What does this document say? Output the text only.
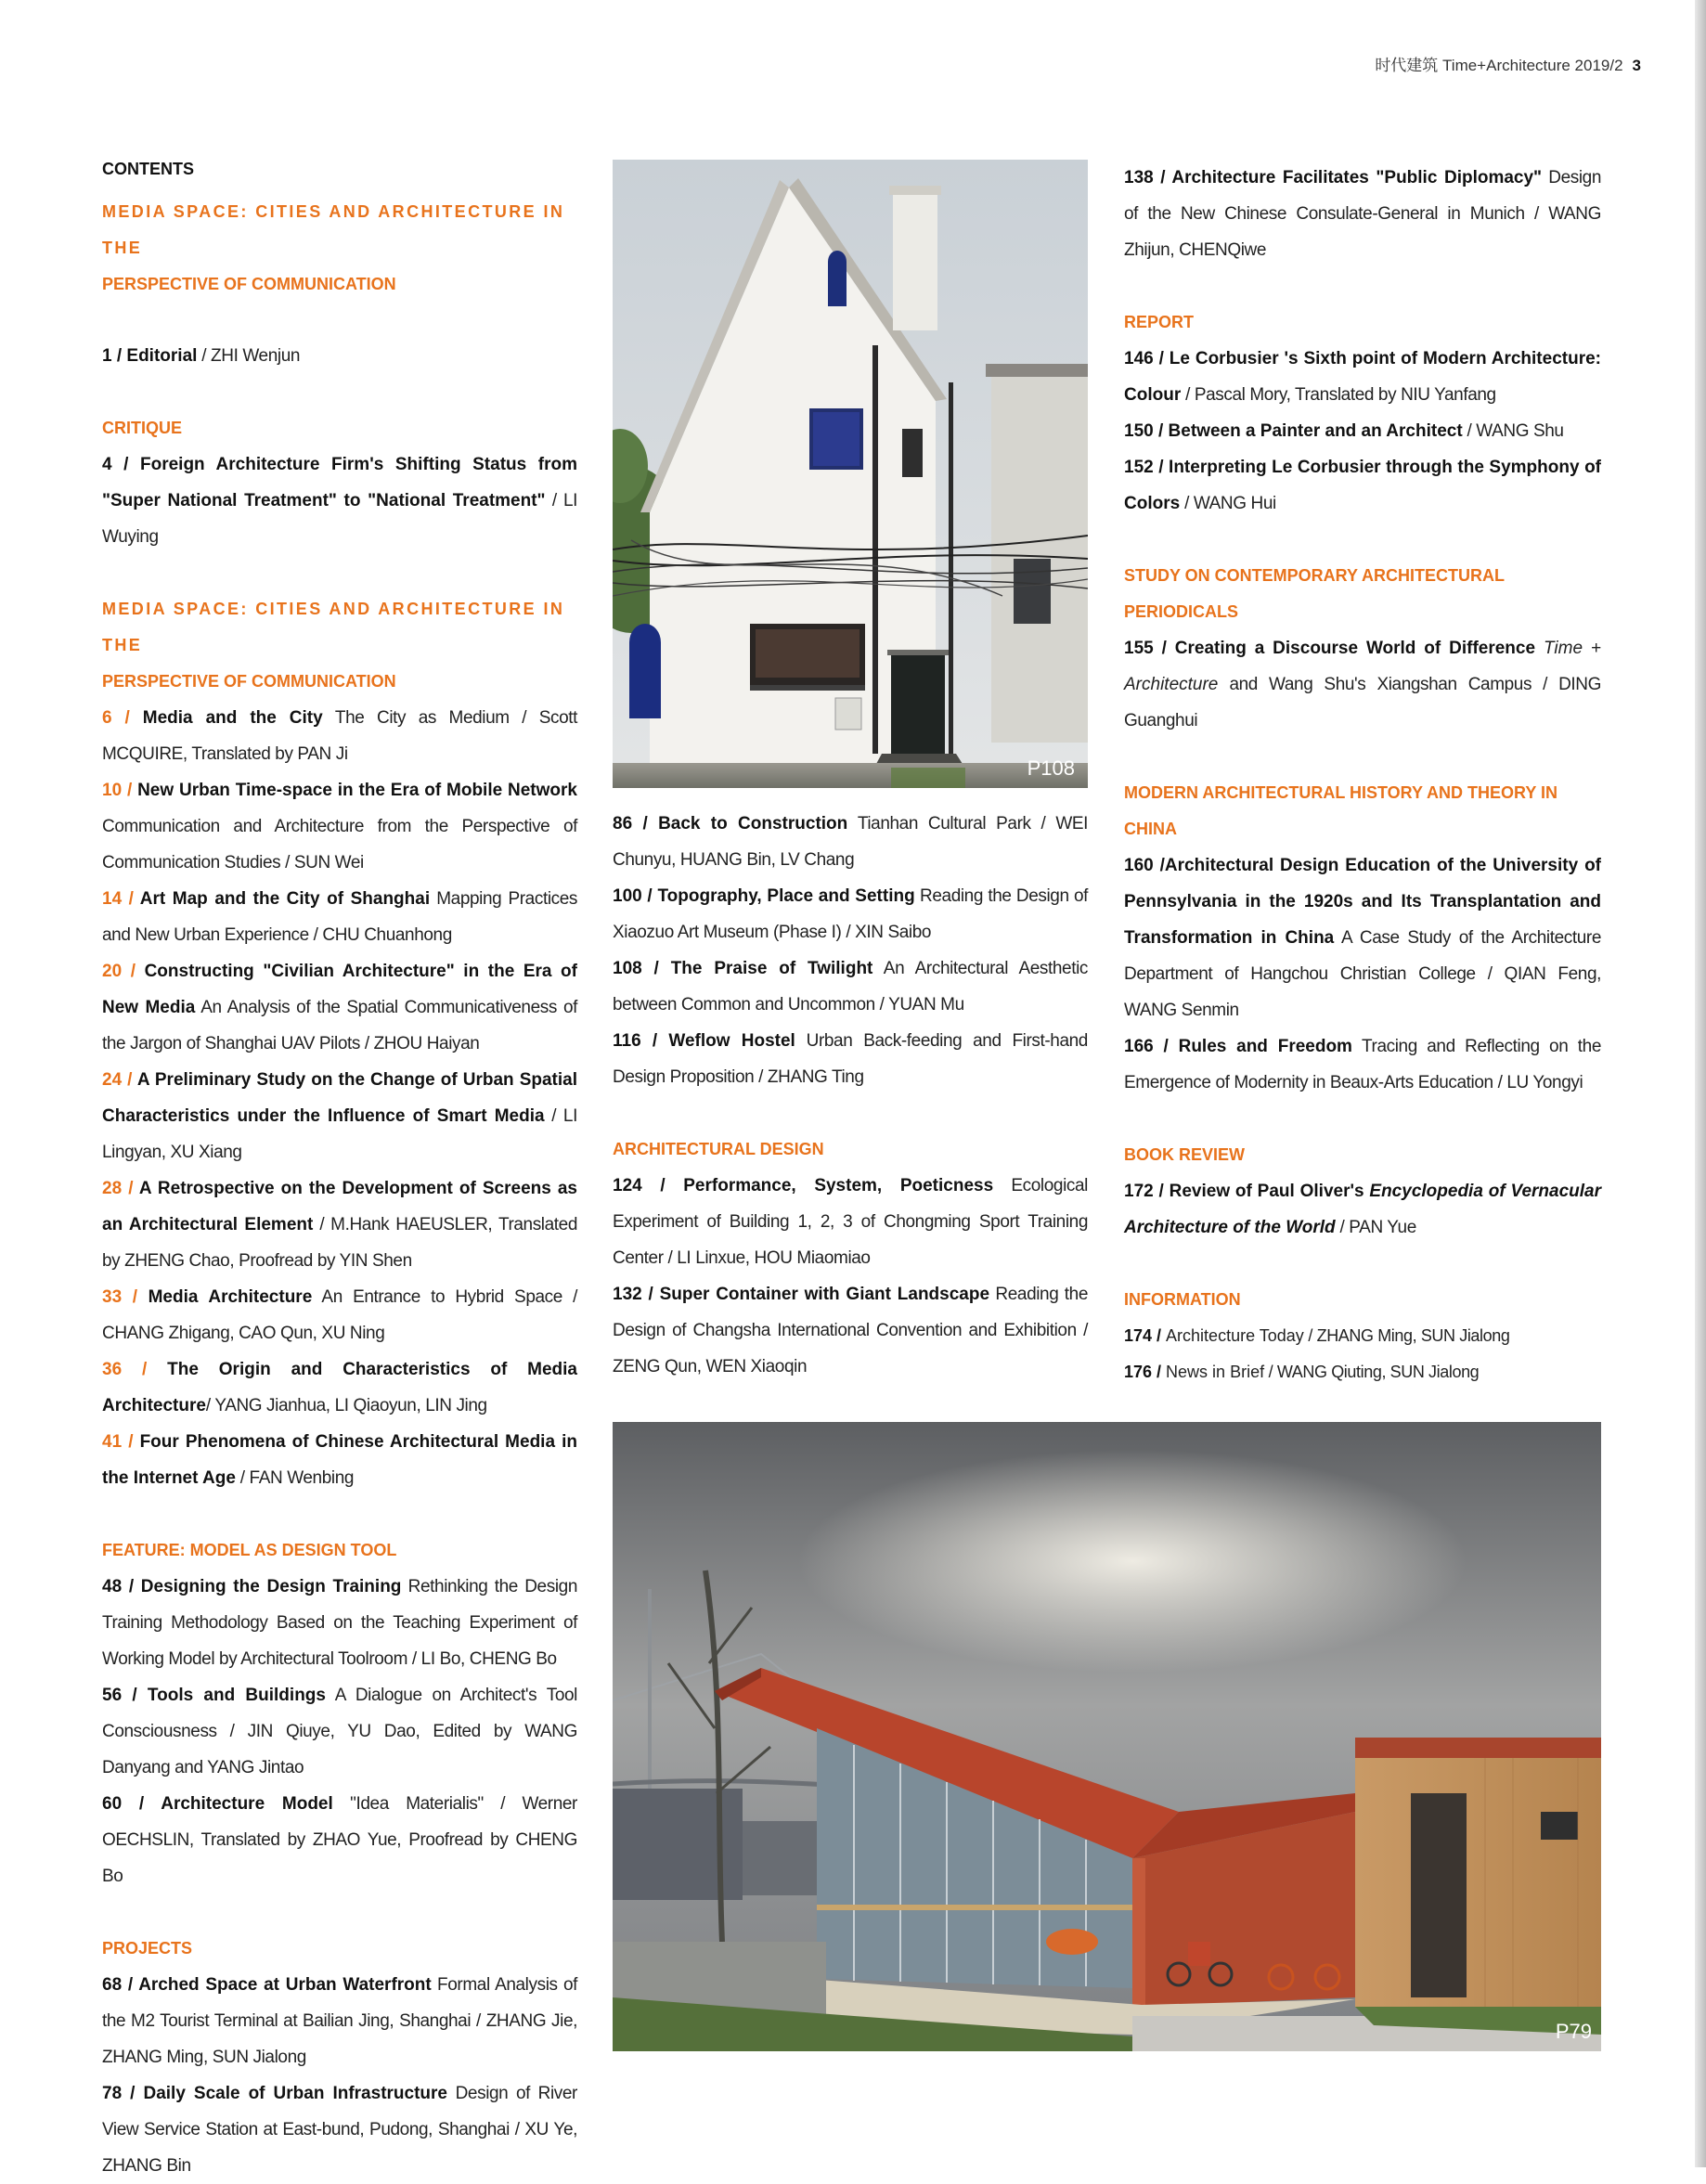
时代建筑 Time+Architecture 2019/2 3

CONTENTS

MEDIA SPACE: CITIES AND ARCHITECTURE IN THE

PERSPECTIVE OF COMMUNICATION

1 / Editorial / ZHI Wenjun

CRITIQUE

4 / Foreign Architecture Firm's Shifting Status from "Super National Treatment" to "National Treatment" / LI Wuying

MEDIA SPACE: CITIES AND ARCHITECTURE IN THE

PERSPECTIVE OF COMMUNICATION

6 / Media and the City The City as Medium / Scott MCQUIRE, Translated by PAN Ji

10 / New Urban Time-space in the Era of Mobile Network Communication and Architecture from the Perspective of Communication Studies / SUN Wei

14 / Art Map and the City of Shanghai Mapping Practices and New Urban Experience / CHU Chuanhong

20 / Constructing "Civilian Architecture" in the Era of New Media An Analysis of the Spatial Communicativeness of the Jargon of Shanghai UAV Pilots / ZHOU Haiyan

24 / A Preliminary Study on the Change of Urban Spatial Characteristics under the Influence of Smart Media / LI Lingyan, XU Xiang

28 / A Retrospective on the Development of Screens as an Architectural Element / M.Hank HAEUSLER, Translated by ZHENG Chao, Proofread by YIN Shen

33 / Media Architecture An Entrance to Hybrid Space / CHANG Zhigang, CAO Qun, XU Ning

36 / The Origin and Characteristics of Media Architecture/ YANG Jianhua, LI Qiaoyun, LIN Jing

41 / Four Phenomena of Chinese Architectural Media in the Internet Age / FAN Wenbing

FEATURE: MODEL AS DESIGN TOOL

48 / Designing the Design Training Rethinking the Design Training Methodology Based on the Teaching Experiment of Working Model by Architectural Toolroom / LI Bo, CHENG Bo

56 / Tools and Buildings A Dialogue on Architect's Tool Consciousness / JIN Qiuye, YU Dao, Edited by WANG Danyang and YANG Jintao

60 / Architecture Model "Idea Materialis" / Werner OECHSLIN, Translated by ZHAO Yue, Proofread by CHENG Bo

PROJECTS

68 / Arched Space at Urban Waterfront Formal Analysis of the M2 Tourist Terminal at Bailian Jing, Shanghai / ZHANG Jie, ZHANG Ming, SUN Jialong

78 / Daily Scale of Urban Infrastructure Design of River View Service Station at East-bund, Pudong, Shanghai / XU Ye, ZHANG Bin

P108

86 / Back to Construction Tianhan Cultural Park / WEI Chunyu, HUANG Bin, LV Chang

100 / Topography, Place and Setting Reading the Design of Xiaozuo Art Museum (Phase I) / XIN Saibo

108 / The Praise of Twilight An Architectural Aesthetic between Common and Uncommon / YUAN Mu

116 / Weflow Hostel Urban Back-feeding and First-hand Design Proposition / ZHANG Ting

ARCHITECTURAL DESIGN

124 / Performance, System, Poeticness Ecological Experiment of Building 1, 2, 3 of Chongming Sport Training Center / LI Linxue, HOU Miaomiao

132 / Super Container with Giant Landscape Reading the Design of Changsha International Convention and Exhibition / ZENG Qun, WEN Xiaoqin

138 / Architecture Facilitates "Public Diplomacy" Design of the New Chinese Consulate-General in Munich / WANG Zhijun, CHENQiwe

REPORT

146 / Le Corbusier 's Sixth point of Modern Architecture: Colour / Pascal Mory, Translated by NIU Yanfang

150 / Between a Painter and an Architect / WANG Shu

152 / Interpreting Le Corbusier through the Symphony of Colors / WANG Hui

STUDY ON CONTEMPORARY ARCHITECTURAL

PERIODICALS

155 / Creating a Discourse World of Difference Time + Architecture and Wang Shu's Xiangshan Campus / DING Guanghui

MODERN ARCHITECTURAL HISTORY AND THEORY IN CHINA

160 /Architectural Design Education of the University of Pennsylvania in the 1920s and Its Transplantation and Transformation in China A Case Study of the Architecture Department of Hangchou Christian College / QIAN Feng, WANG Senmin

166 / Rules and Freedom Tracing and Reflecting on the Emergence of Modernity in Beaux-Arts Education / LU Yongyi

BOOK REVIEW

172 / Review of Paul Oliver's Encyclopedia of Vernacular Architecture of the World / PAN Yue

INFORMATION

174 / Architecture Today / ZHANG Ming, SUN Jialong

176 / News in Brief / WANG Qiuting, SUN Jialong

P79
